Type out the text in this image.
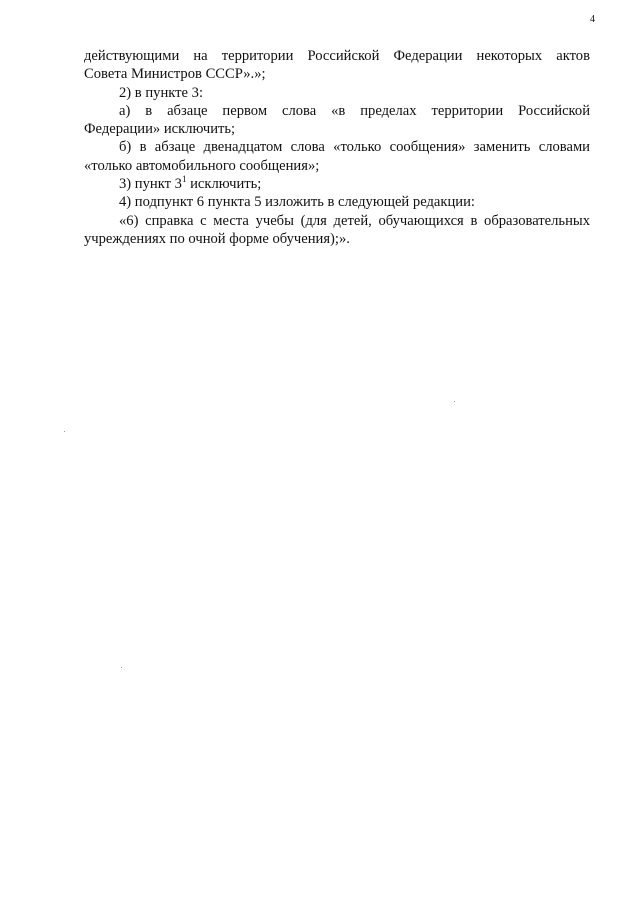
4

действующими на территории Российской Федерации некоторых актов
Совета Министров СССР».»;

2) в пункте 3:

а) в абзаце первом слова «в пределах территории Российской
Федерации» исключить;

б) в абзаце двенадцатом слова «только сообщения» заменить словами
«только автомобильного сообщения»;

3) пункт $3^1$ исключить;

4) подпункт 6 пункта 5 изложить в следующей редакции:

«6) справка с места учебы (для детей, обучающихся в образовательных
учреждениях по очной форме обучения);».
